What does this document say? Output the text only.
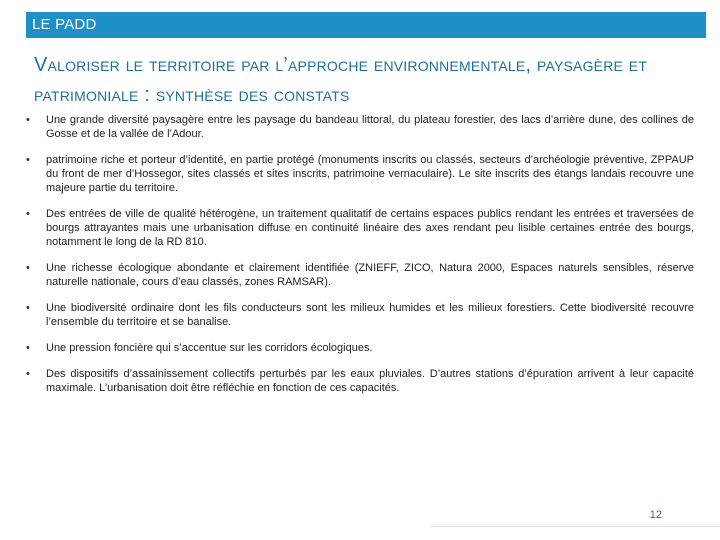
LE PADD
Valoriser le territoire par l’approche environnementale, paysagère et patrimoniale : synthèse des constats
• Une grande diversité paysagère entre les paysage du bandeau littoral, du plateau forestier, des lacs d’arrière dune, des collines de Gosse et de la vallée de l’Adour.
• patrimoine riche et porteur d’identité, en partie protégé (monuments inscrits ou classés, secteurs d’archéologie préventive, ZPPAUP du front de mer d’Hossegor, sites classés et sites inscrits, patrimoine vernaculaire). Le site inscrits des étangs landais recouvre une majeure partie du territoire.
• Des entrées de ville de qualité hétérogène, un traitement qualitatif de certains espaces publics rendant les entrées et traversées de bourgs attrayantes mais une urbanisation diffuse en continuité linéaire des axes rendant peu lisible certaines entrée des bourgs, notamment le long de la RD 810.
• Une richesse écologique abondante et clairement identifiée (ZNIEFF, ZICO, Natura 2000, Espaces naturels sensibles, réserve naturelle nationale, cours d’eau classés, zones RAMSAR).
• Une biodiversité ordinaire dont les fils conducteurs sont les milieux humides et les milieux forestiers. Cette biodiversité recouvre l’ensemble du territoire et se banalise.
• Une pression foncière qui s’accentue sur les corridors écologiques.
• Des dispositifs d’assainissement collectifs perturbés par les eaux pluviales. D’autres stations d’épuration arrivent à leur capacité maximale. L’urbanisation doit être réfléchie en fonction de ces capacités.
12
